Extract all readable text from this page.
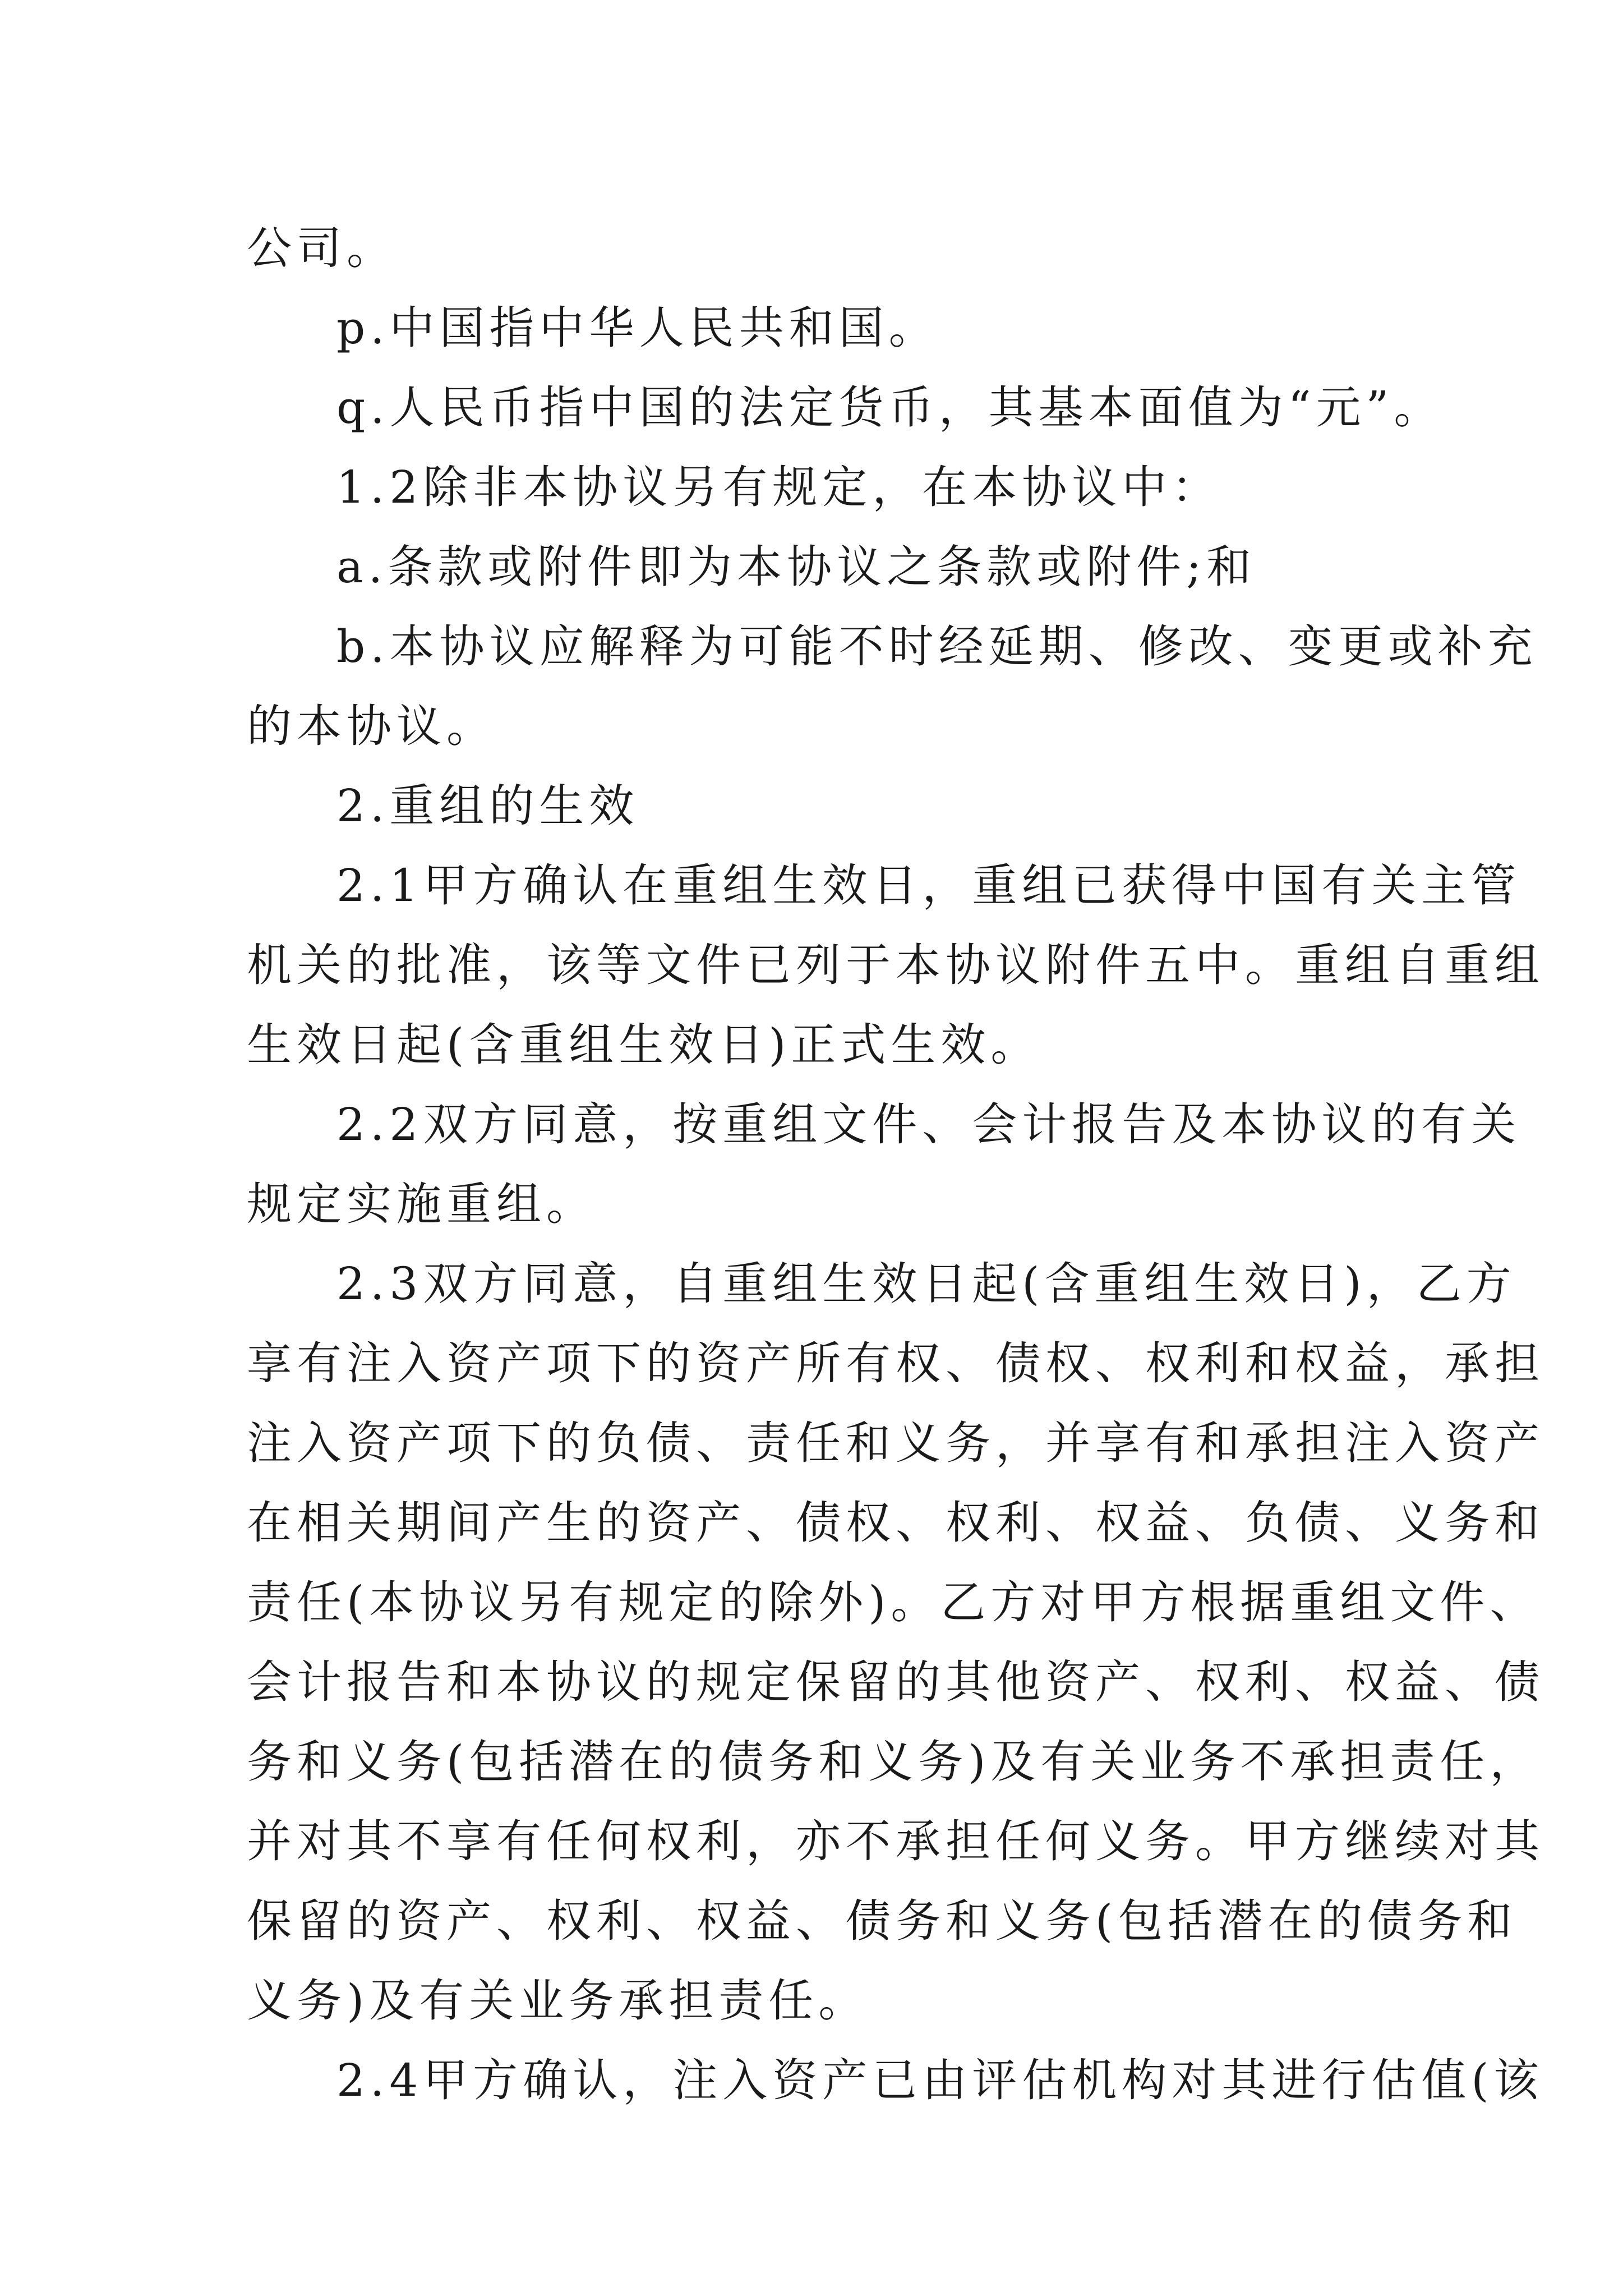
公司。
p.中国指中华人民共和国。
q.人民币指中国的法定货币，其基本面值为“元”。
1.2除非本协议另有规定，在本协议中：
a.条款或附件即为本协议之条款或附件;和
b.本协议应解释为可能不时经延期、修改、变更或补充
的本协议。
2.重组的生效
2.1甲方确认在重组生效日，重组已获得中国有关主管
机关的批准，该等文件已列于本协议附件五中。重组自重组
生效日起(含重组生效日)正式生效。
2.2双方同意，按重组文件、会计报告及本协议的有关
规定实施重组。
2.3双方同意，自重组生效日起(含重组生效日)，乙方
享有注入资产项下的资产所有权、债权、权利和权益，承担
注入资产项下的负债、责任和义务，并享有和承担注入资产
在相关期间产生的资产、债权、权利、权益、负债、义务和
责任(本协议另有规定的除外)。乙方对甲方根据重组文件、
会计报告和本协议的规定保留的其他资产、权利、权益、债
务和义务(包括潜在的债务和义务)及有关业务不承担责任，
并对其不享有任何权利，亦不承担任何义务。甲方继续对其
保留的资产、权利、权益、债务和义务(包括潜在的债务和
义务)及有关业务承担责任。
2.4甲方确认，注入资产已由评估机构对其进行估值(该
